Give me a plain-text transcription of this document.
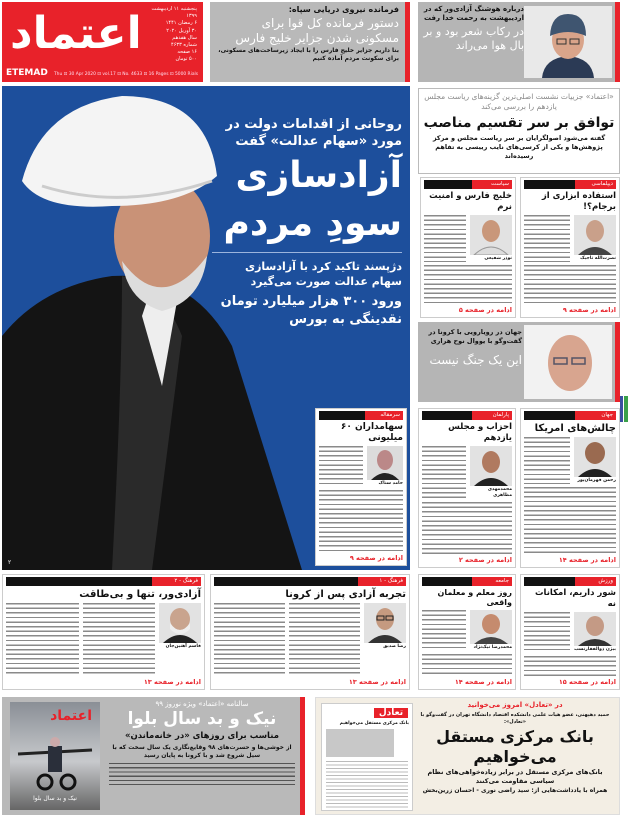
اعتماد	پنجشنبه ۱۱ اردیبهشت ۱۳۹۹
۶ رمضان ۱۴۴۱
۳۰ آوریل ۲۰۲۰
سال هفدهم
شماره ۴۶۳۳
۱۶ صفحه
۵۰۰ تومان
ETEMAD Thu ⊡ 30 Apr 2020 ⊡ vol.17 ⊡ No. 4633 ⊡ 16 Pages ⊡ 5000 Rials
فرمانده نیروی دریایی سپاه:
دستور فرمانده کل قوا برای مسکونی شدن جزایر خلیج فارس
بنا داریم جزایر خلیج فارس را با ایجاد زیرساخت‌های مسکونی، برای سکونت مردم آماده کنیم
درباره هوشنگ آزادی‌ور که در اردیبهشت به رحمت خدا رفت
در رکاب شعر بود و بر بال هوا می‌راند
روحانی از اقدامات دولت در مورد «سهام عدالت» گفت
آزادسازی
سودِ مردم
دژپسند تاکید کرد با آزادسازی سهام عدالت صورت می‌گیرد
ورود ۳۰۰ هزار میلیارد تومان نقدینگی به بورس
۲
سرمقاله
سهامداران ۶۰ میلیونی
حامد سناک
ادامه در صفحه ۹
«اعتماد» جزییات نشست اصلی‌ترین گزینه‌های ریاست مجلس یازدهم را بررسی می‌کند
توافق بر سر تقسیم مناصب
گفته می‌شود اصولگرایان بر سر ریاست مجلس و مرکز پژوهش‌ها و یکی از کرسی‌های نایب رییسی به تفاهم رسیده‌اند
دیپلماسی
استفاده ابزاری از برجام؟!
نصرت‌الله تاجیک
ادامه در صفحه ۹
سیاست
خلیج فارس و امنیت نرم
نوذر شفیعی
ادامه در صفحه ۵
جهان در رویارویی با کرونا در گفت‌وگو با یووال نوح هراری
این یک جنگ نیست
جهان
چالش‌های امریکا
رحمن قهرمان‌پور
ادامه در صفحه ۱۴
پارلمان
احزاب و مجلس یازدهم
محمدمهدی مظاهری
ادامه در صفحه ۲
ورزش
شور داریم، امکانات نه
بیژن ذوالفقارنسب
ادامه در صفحه ۱۵
جامعه
روز معلم و معلمان واقعی
محمدرضا نیک‌نژاد
ادامه در صفحه ۱۴
فرهنگ - ۱
تجربه آزادی پس از کرونا
رضا صدیق
ادامه در صفحه ۱۳
فرهنگ - ۲
آزادی‌ور، تنها و بی‌طاقت
قاسم آهنین‌جان
ادامه در صفحه ۱۳
اعتماد
نیک و بد سال بلوا
سالنامه «اعتماد» ویژه نوروز ۹۹
نیک و بد سال بلوا
مناسب برای روزهای «در خانه‌ماندن»
از خوشی‌ها و حسرت‌های ۹۸ وقایع‌نگاری یک سال سخت که با سیل شروع شد و با کرونا به پایان رسید
تعادل
بانک مرکزی مستقل می‌خواهیم
در «تعادل» امروز می‌خوانید
حمید دهپهنی، عضو هیات علمی دانشکده اقتصاد دانشگاه تهران در گفت‌وگو با «تعادل»:
بانک مرکزی مستقل می‌خواهیم
بانک‌های مرکزی مستقل در برابر زیاده‌خواهی‌های نظام سیاسی مقاومت می‌کنند
همراه با یادداشت‌هایی از: سید راضی نوری - احسان زرین‌بخش
